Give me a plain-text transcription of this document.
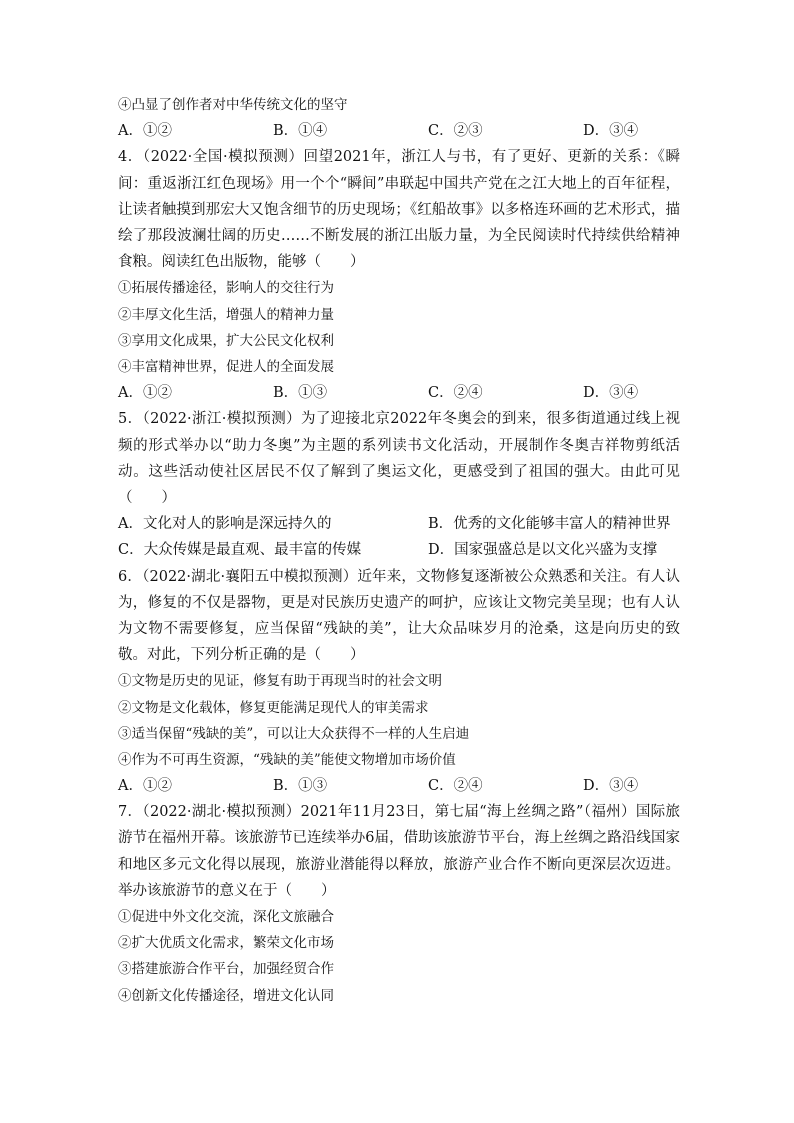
④凸显了创作者对中华传统文化的坚守
A．①②	B．①④	C．②③	D．③④
4．（2022·全国·模拟预测）回望2021年，浙江人与书，有了更好、更新的关系：《瞬间：重返浙江红色现场》用一个个“瞬间”串联起中国共产党在之江大地上的百年征程，让读者触摸到那宏大又饱含细节的历史现场；《红船故事》以多格连环画的艺术形式，描绘了那段波澜壮阔的历史……不断发展的浙江出版力量，为全民阅读时代持续供给精神食粮。阅读红色出版物，能够（　　）
①拓展传播途径，影响人的交往行为
②丰厚文化生活，增强人的精神力量
③享用文化成果，扩大公民文化权利
④丰富精神世界，促进人的全面发展
A．①②	B．①③	C．②④	D．③④
5．（2022·浙江·模拟预测）为了迎接北京2022年冬奥会的到来，很多街道通过线上视频的形式举办以“助力冬奥”为主题的系列读书文化活动，开展制作冬奥吉祥物剪纸活动。这些活动使社区居民不仅了解到了奥运文化，更感受到了祖国的强大。由此可见（　　）
A．文化对人的影响是深远持久的	B．优秀的文化能够丰富人的精神世界
C．大众传媒是最直观、最丰富的传媒	D．国家强盛总是以文化兴盛为支撑
6．（2022·湖北·襄阳五中模拟预测）近年来，文物修复逐渐被公众熟悉和关注。有人认为，修复的不仅是器物，更是对民族历史遗产的呵护，应该让文物完美呈现；也有人认为文物不需要修复，应当保留“残缺的美”，让大众品味岁月的沧桑，这是向历史的致敬。对此，下列分析正确的是（　　）
①文物是历史的见证，修复有助于再现当时的社会文明
②文物是文化载体，修复更能满足现代人的审美需求
③适当保留“残缺的美”，可以让大众获得不一样的人生启迪
④作为不可再生资源，“残缺的美”能使文物增加市场价值
A．①②	B．①③	C．②④	D．③④
7．（2022·湖北·模拟预测）2021年11月23日，第七届“海上丝绸之路”（福州）国际旅游节在福州开幕。该旅游节已连续举办6届，借助该旅游节平台，海上丝绸之路沿线国家和地区多元文化得以展现，旅游业潜能得以释放，旅游产业合作不断向更深层次迈进。举办该旅游节的意义在于（　　）
①促进中外文化交流，深化文旅融合
②扩大优质文化需求，繁荣文化市场
③搭建旅游合作平台，加强经贸合作
④创新文化传播途径，增进文化认同
